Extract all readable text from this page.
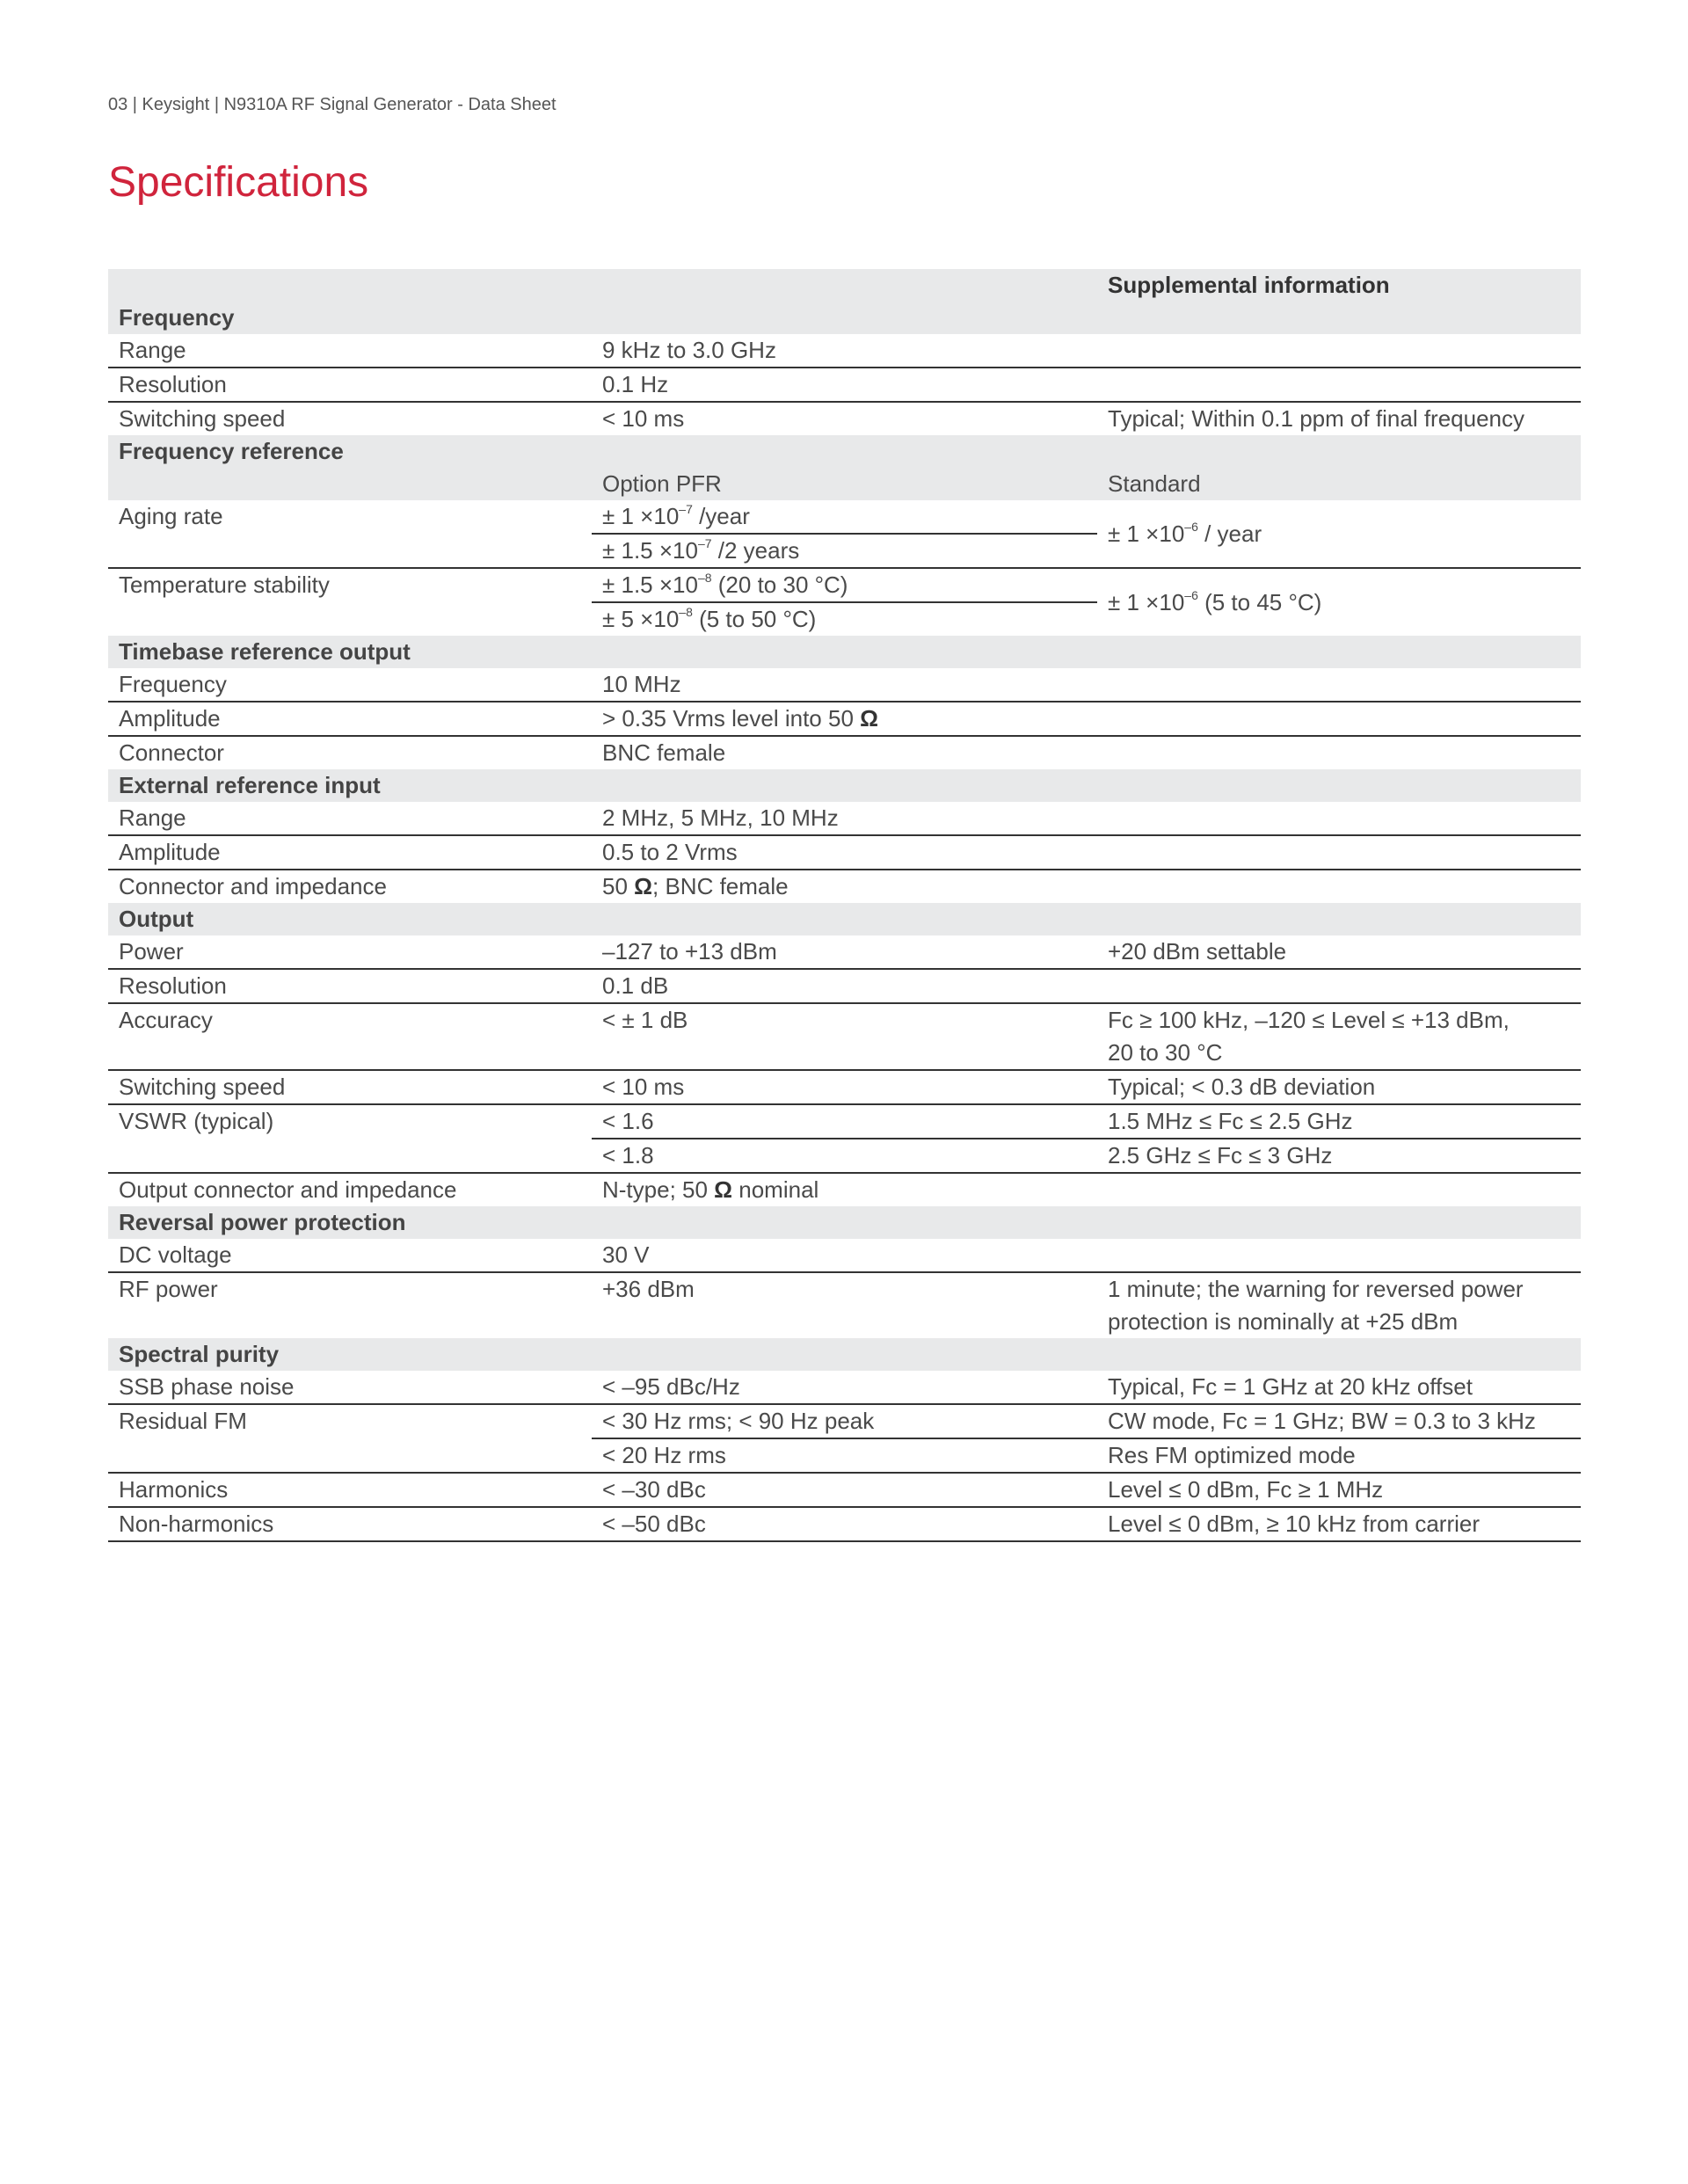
03 | Keysight | N9310A RF Signal Generator - Data Sheet
Specifications
		Supplemental information
Frequency		
Range	9 kHz to 3.0 GHz	
Resolution	0.1 Hz	
Switching speed	< 10 ms	Typical; Within 0.1 ppm of final frequency
Frequency reference		
	Option PFR	Standard
Aging rate	± $1 \times 10^{-7}$ /year	± $1 \times 10^{-6}$ / year
	± $1.5 \times 10^{-7}$ /2 years	
Temperature stability	± $1.5 \times 10^{-8}$ (20 to 30 °C)	± $1 \times 10^{-6}$ (5 to 45 °C)
	± $5 \times 10^{-8}$ (5 to 50 °C)	
Timebase reference output		
Frequency	10 MHz	
Amplitude	> 0.35 Vrms level into 50 Ω	
Connector	BNC female	
External reference input		
Range	2 MHz, 5 MHz, 10 MHz	
Amplitude	0.5 to 2 Vrms	
Connector and impedance	50 Ω; BNC female	
Output		
Power	–127 to +13 dBm	+20 dBm settable
Resolution	0.1 dB	
Accuracy	< ± 1 dB	Fc ≥ 100 kHz, –120 ≤ Level ≤ +13 dBm,
20 to 30 °C

Switching speed	< 10 ms	Typical; < 0.3 dB deviation
VSWR (typical)	< 1.6	1.5 MHz ≤ Fc ≤ 2.5 GHz
	< 1.8	2.5 GHz ≤ Fc ≤ 3 GHz
Output connector and impedance	N-type; 50 Ω nominal	
Reversal power protection		
DC voltage	30 V	
RF power	+36 dBm	1 minute; the warning for reversed power
protection is nominally at +25 dBm

Spectral purity		
SSB phase noise	< –95 dBc/Hz	Typical, Fc = 1 GHz at 20 kHz offset
Residual FM	< 30 Hz rms; < 90 Hz peak	CW mode, Fc = 1 GHz; BW = 0.3 to 3 kHz
	< 20 Hz rms	Res FM optimized mode
Harmonics	< –30 dBc	Level ≤ 0 dBm, Fc ≥ 1 MHz
Non-harmonics	< –50 dBc	Level ≤ 0 dBm, ≥ 10 kHz from carrier
